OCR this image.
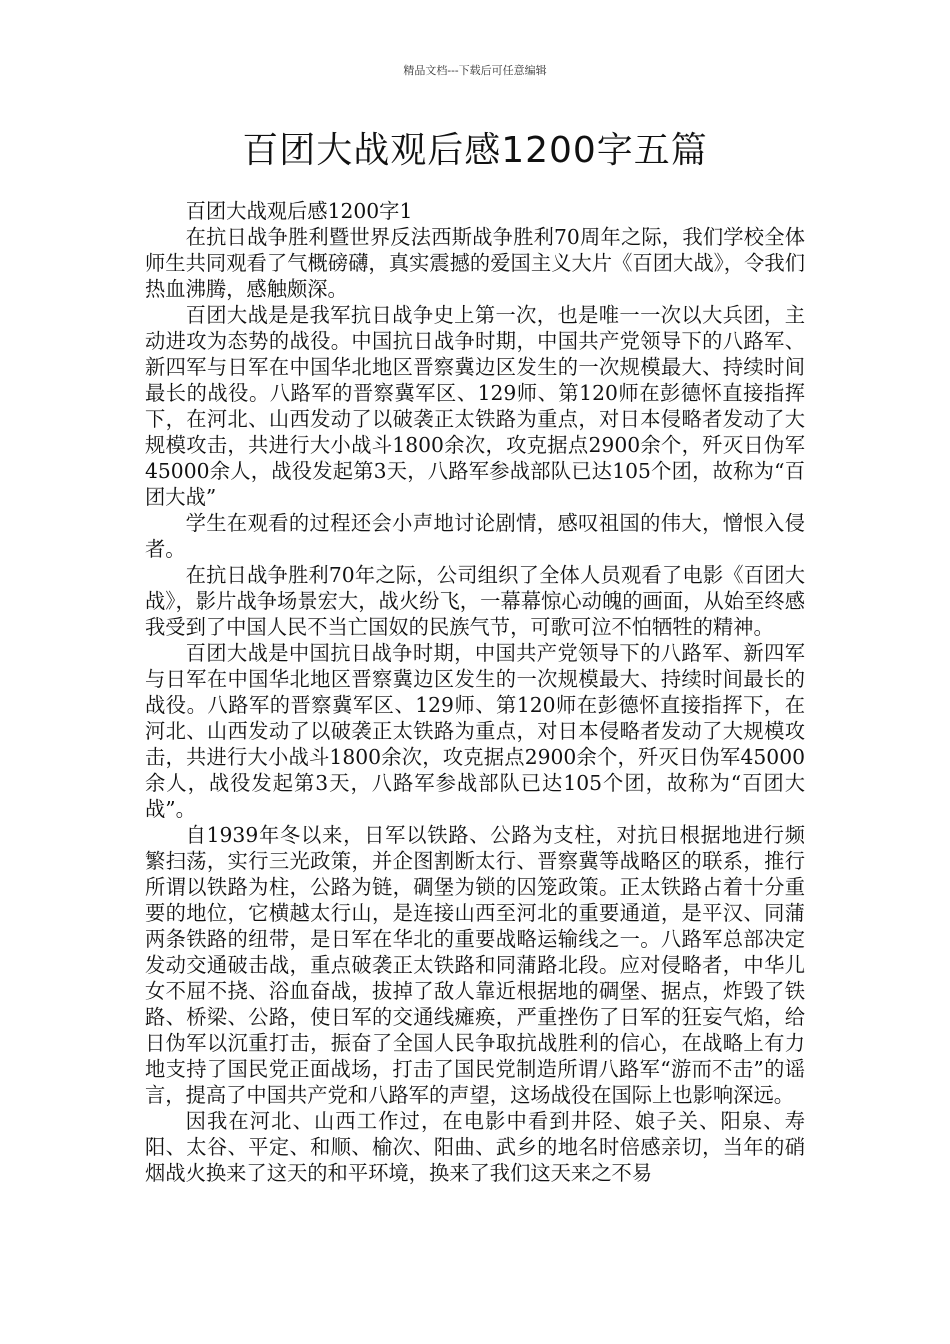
精品文档---下载后可任意编辑
百团大战观后感1200字五篇

百团大战观后感1200字1

在抗日战争胜利暨世界反法西斯战争胜利70周年之际，我们学校全体师生共同观看了气概磅礴，真实震撼的爱国主义大片《百团大战》，令我们热血沸腾，感触颇深。

百团大战是是我军抗日战争史上第一次，也是唯一一次以大兵团，主动进攻为态势的战役。中国抗日战争时期，中国共产党领导下的八路军、新四军与日军在中国华北地区晋察冀边区发生的一次规模最大、持续时间最长的战役。八路军的晋察冀军区、129师、第120师在彭德怀直接指挥下，在河北、山西发动了以破袭正太铁路为重点，对日本侵略者发动了大规模攻击，共进行大小战斗1800余次，攻克据点2900余个，歼灭日伪军45000余人，战役发起第3天，八路军参战部队已达105个团，故称为“百团大战”

学生在观看的过程还会小声地讨论剧情，感叹祖国的伟大，憎恨入侵者。

在抗日战争胜利70年之际，公司组织了全体人员观看了电影《百团大战》，影片战争场景宏大，战火纷飞，一幕幕惊心动魄的画面，从始至终感我受到了中国人民不当亡国奴的民族气节，可歌可泣不怕牺牲的精神。

百团大战是中国抗日战争时期，中国共产党领导下的八路军、新四军与日军在中国华北地区晋察冀边区发生的一次规模最大、持续时间最长的战役。八路军的晋察冀军区、129师、第120师在彭德怀直接指挥下，在河北、山西发动了以破袭正太铁路为重点，对日本侵略者发动了大规模攻击，共进行大小战斗1800余次，攻克据点2900余个，歼灭日伪军45000余人，战役发起第3天，八路军参战部队已达105个团，故称为“百团大战”。

自1939年冬以来，日军以铁路、公路为支柱，对抗日根据地进行频繁扫荡，实行三光政策，并企图割断太行、晋察冀等战略区的联系，推行所谓以铁路为柱，公路为链，碉堡为锁的囚笼政策。正太铁路占着十分重要的地位，它横越太行山，是连接山西至河北的重要通道，是平汉、同蒲两条铁路的纽带，是日军在华北的重要战略运输线之一。八路军总部决定发动交通破击战，重点破袭正太铁路和同蒲路北段。应对侵略者，中华儿女不屈不挠、浴血奋战，拔掉了敌人靠近根据地的碉堡、据点，炸毁了铁路、桥梁、公路，使日军的交通线瘫痪，严重挫伤了日军的狂妄气焰，给日伪军以沉重打击，振奋了全国人民争取抗战胜利的信心，在战略上有力地支持了国民党正面战场，打击了国民党制造所谓八路军“游而不击”的谣言，提高了中国共产党和八路军的声望，这场战役在国际上也影响深远。

因我在河北、山西工作过，在电影中看到井陉、娘子关、阳泉、寿阳、太谷、平定、和顺、榆次、阳曲、武乡的地名时倍感亲切，当年的硝烟战火换来了这天的和平环境，换来了我们这天来之不易
